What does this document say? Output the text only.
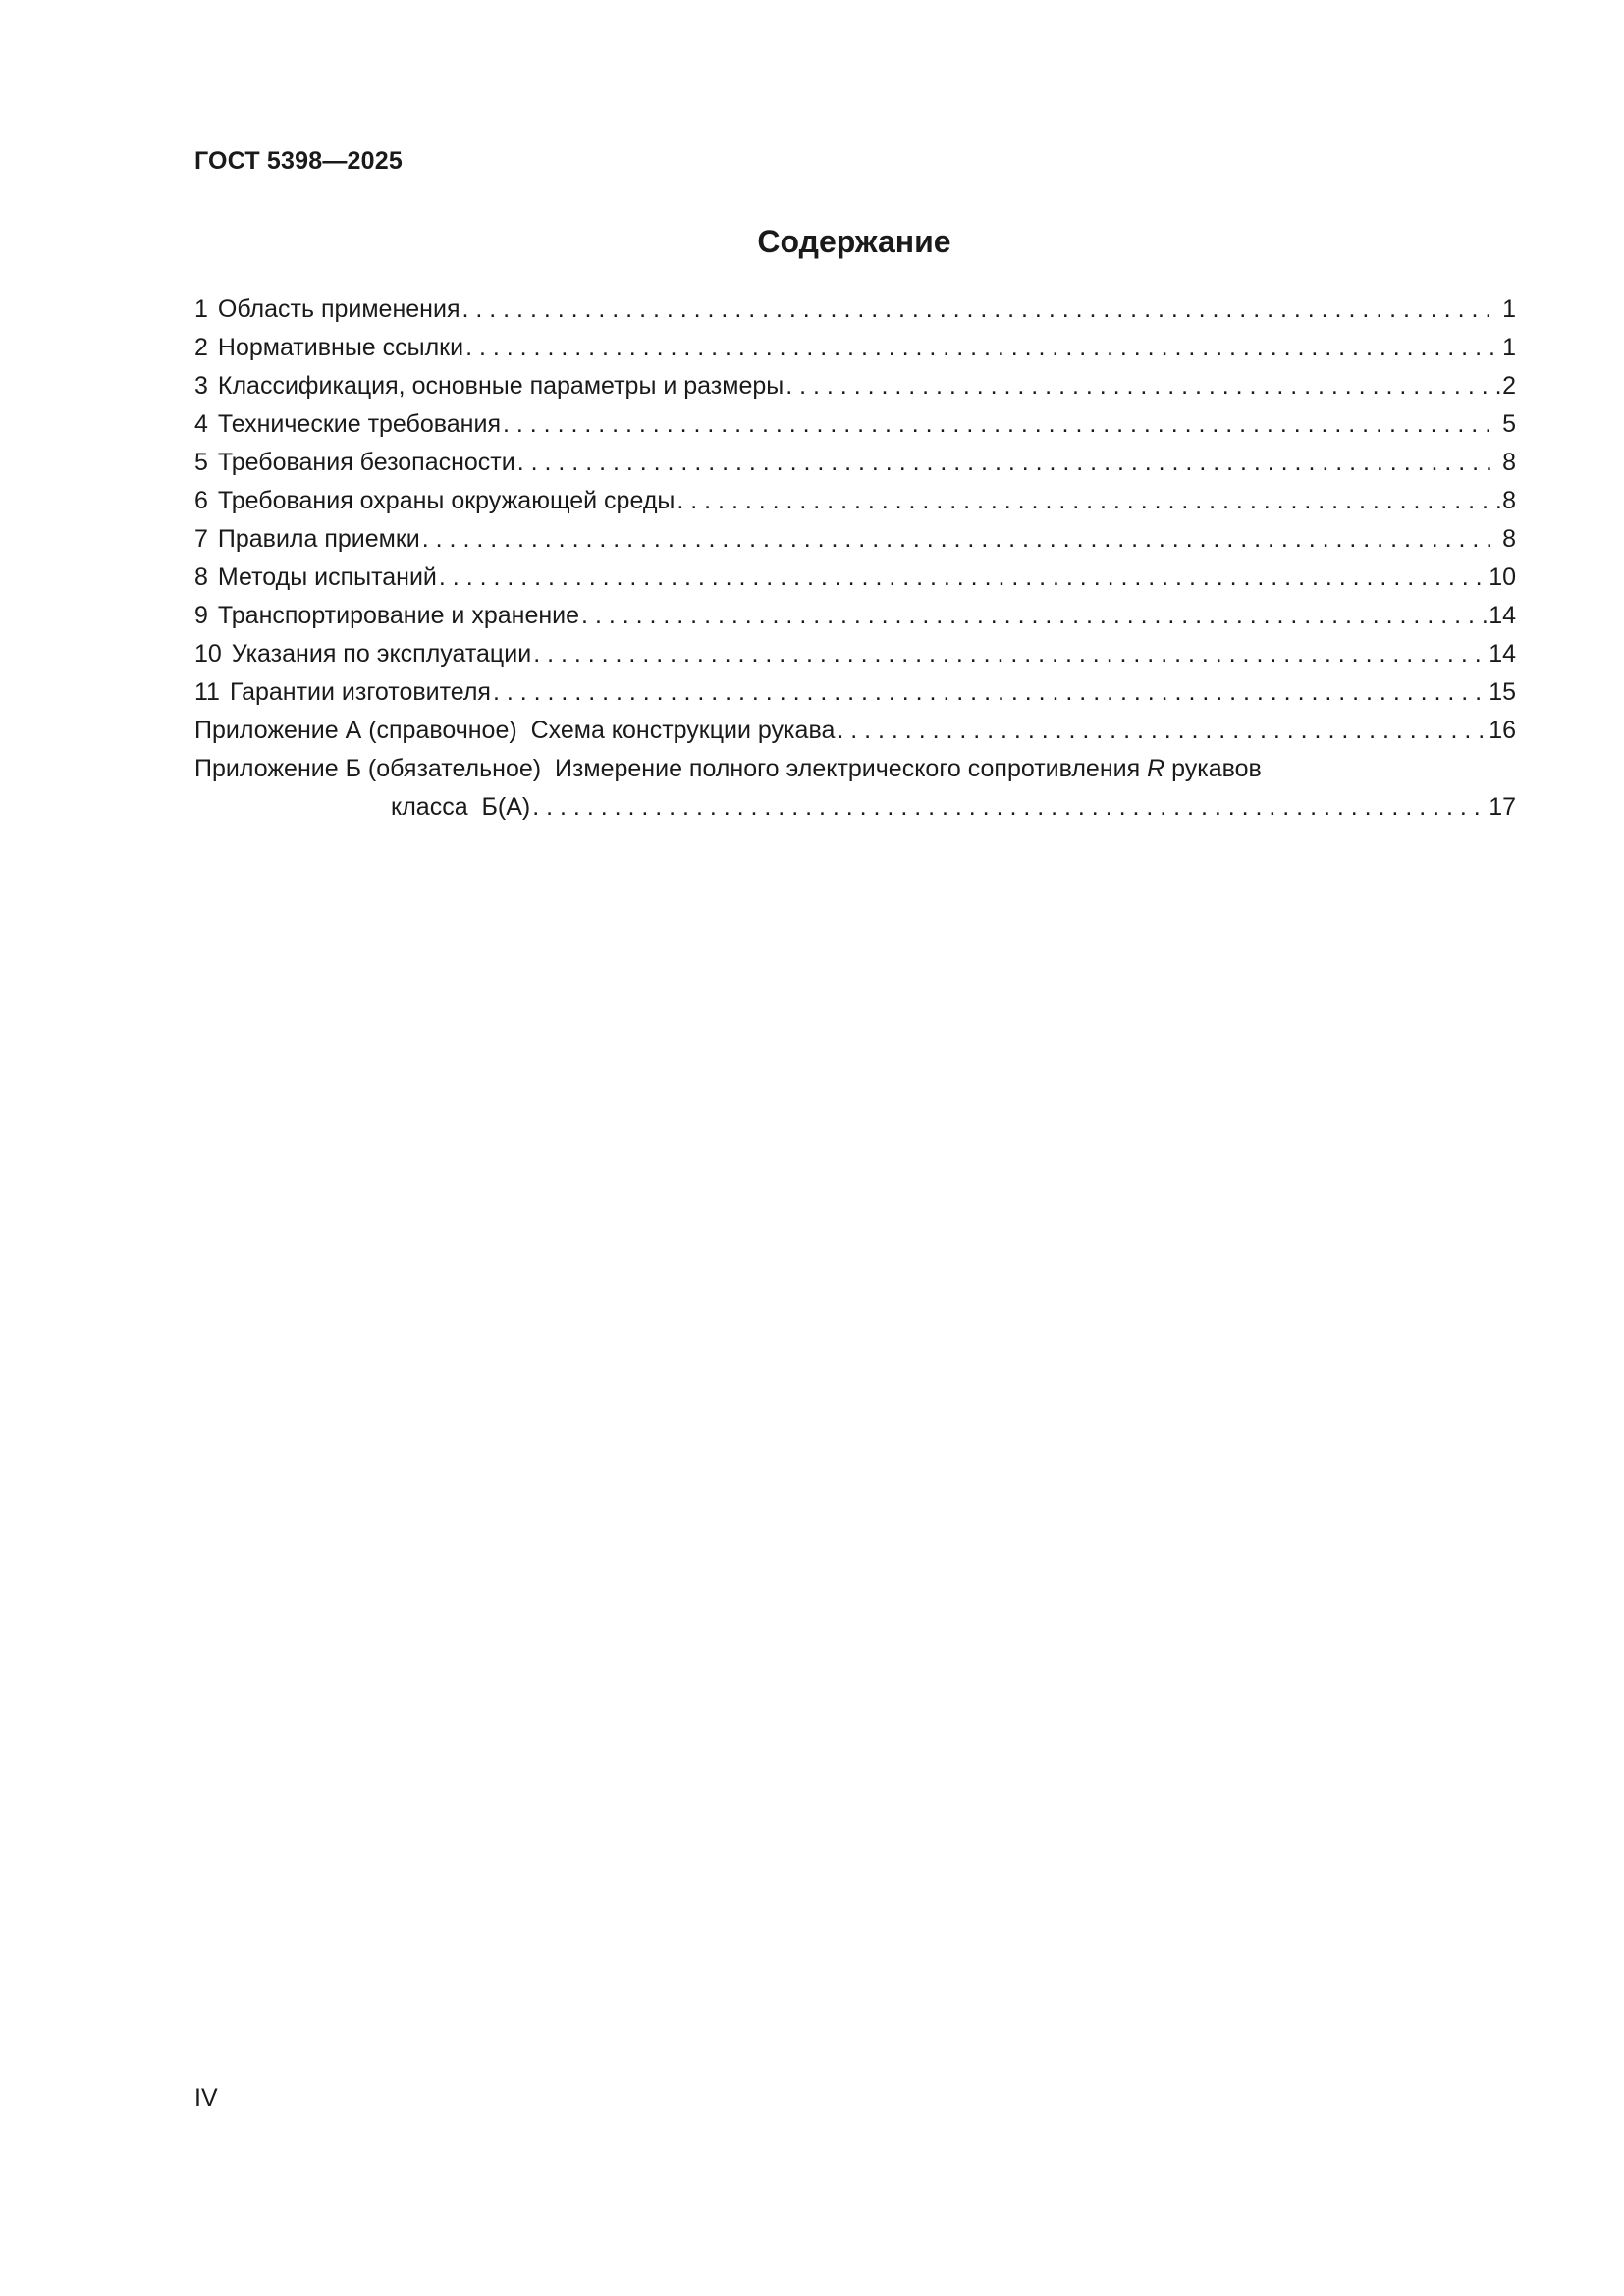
ГОСТ 5398—2025
Содержание
1 Область применения . . .	1
2 Нормативные ссылки . . .	1
3 Классификация, основные параметры и размеры . . .	2
4 Технические требования . . .	5
5 Требования безопасности . . .	8
6 Требования охраны окружающей среды . . .	8
7 Правила приемки . . .	8
8 Методы испытаний . . .	10
9 Транспортирование и хранение . . .	14
10 Указания по эксплуатации . . .	14
11 Гарантии изготовителя . . .	15
Приложение А (справочное)  Схема конструкции рукава . . .	16
Приложение Б (обязательное)  Измерение полного электрического сопротивления R рукавов
класса  Б(А) . . .	17
IV
